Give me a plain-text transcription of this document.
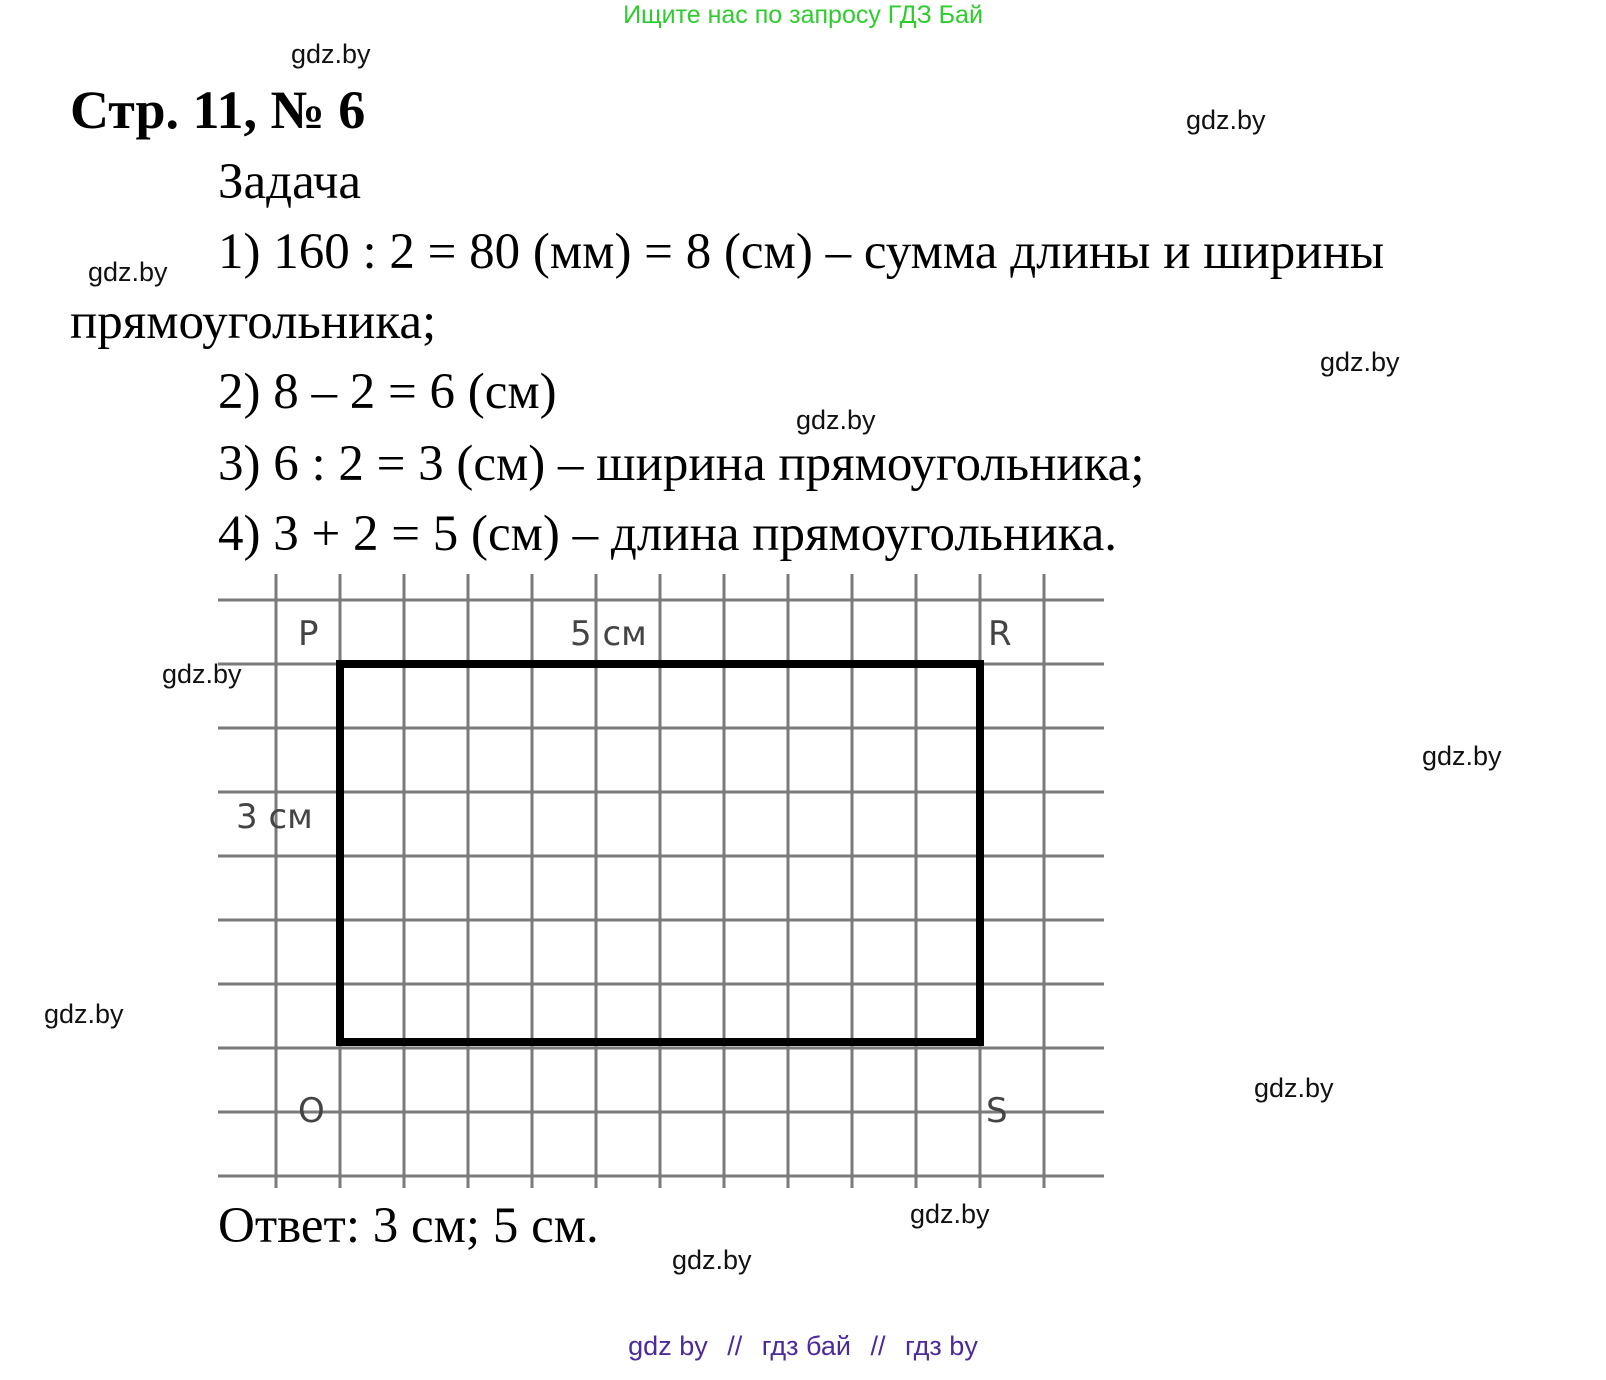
Ищите нас по запросу ГДЗ Бай
gdz.by
gdz.by
gdz.by
gdz.by
gdz.by
gdz.by
gdz.by
gdz.by
gdz.by
gdz.by
gdz.by
Стр. 11, № 6
Задача
1) 160 : 2 = 80 (мм) = 8 (см) – сумма длины и ширины
прямоугольника;
2) 8 – 2 = 6 (см)
3) 6 : 2 = 3 (см) – ширина прямоугольника;
4) 3 + 2 = 5 (см) – длина прямоугольника.
P	R
O	S
5 см
3 см
Ответ: 3 см; 5 см.
gdz by // гдз бай // гдз by
